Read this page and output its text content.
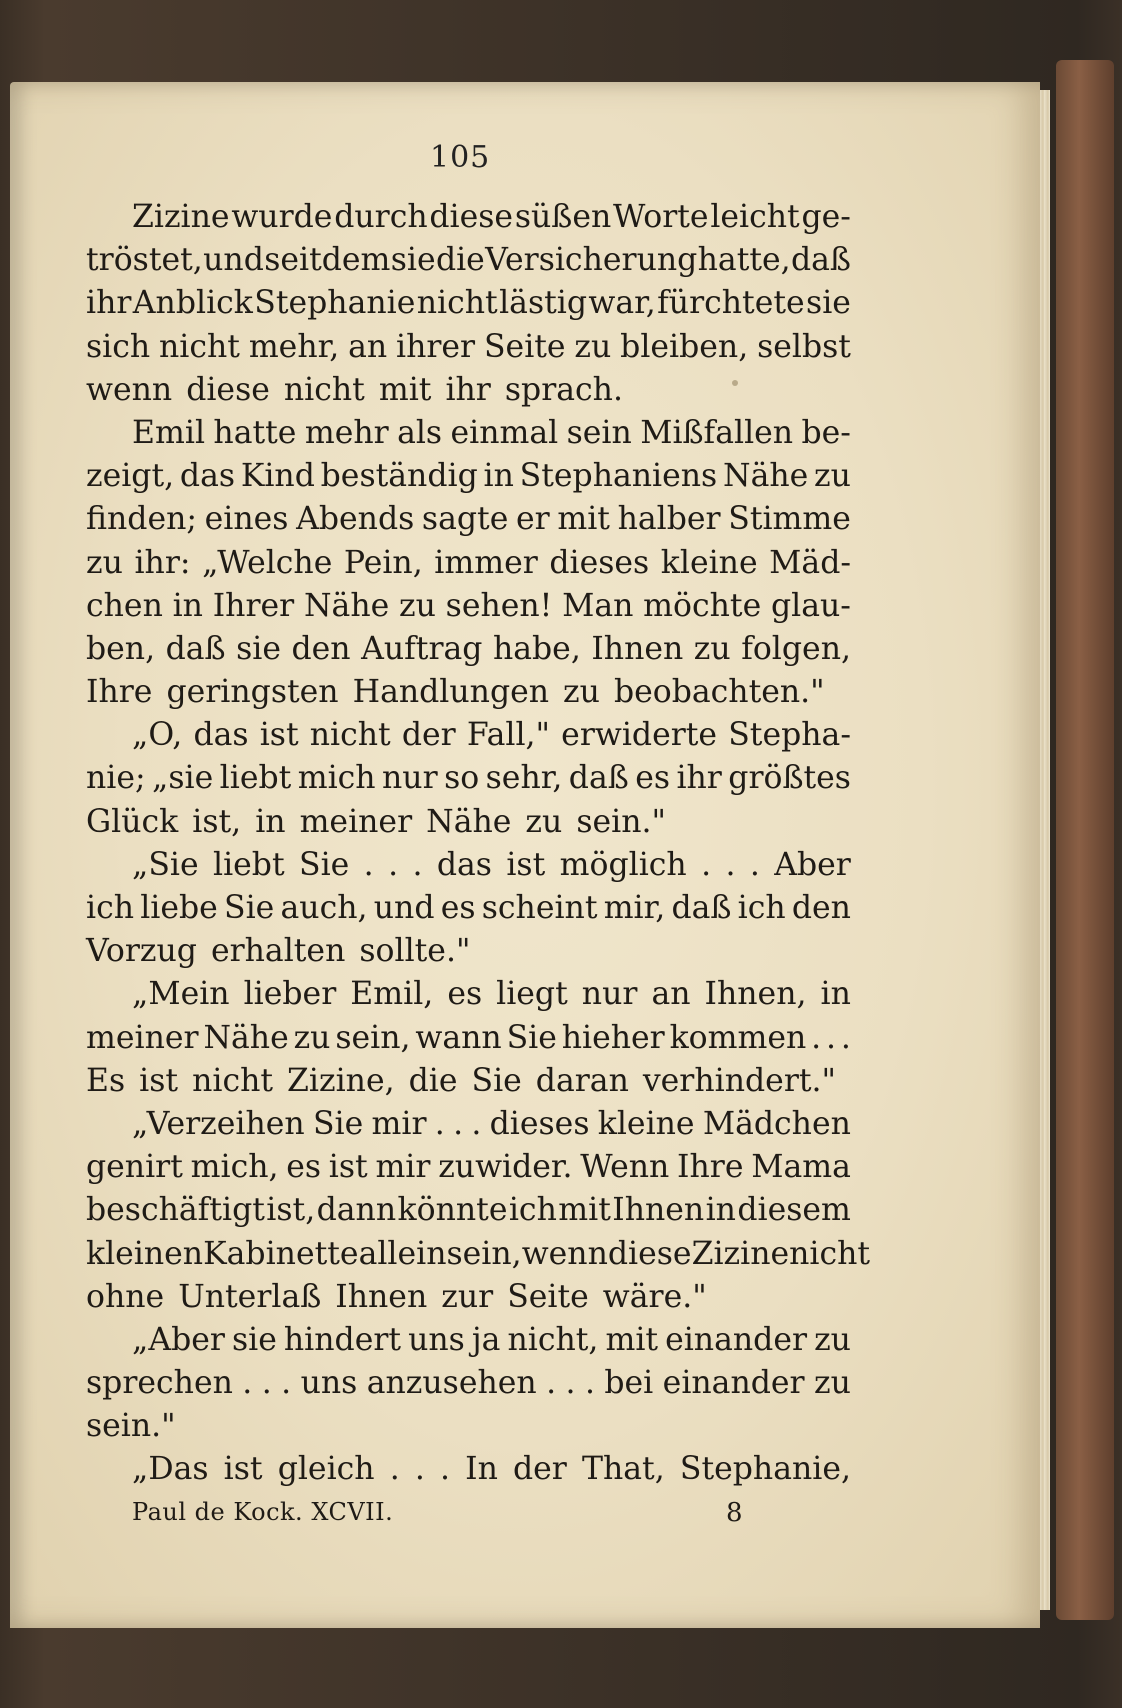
105
Zizine wurde durch diese süßen Worte leicht ge-
tröstet, und seitdem sie die Versicherung hatte, daß
ihr Anblick Stephanie nicht lästig war, fürchtete sie
sich nicht mehr, an ihrer Seite zu bleiben, selbst
wenn diese nicht mit ihr sprach.
Emil hatte mehr als einmal sein Mißfallen be-
zeigt, das Kind beständig in Stephaniens Nähe zu
finden; eines Abends sagte er mit halber Stimme
zu ihr: „Welche Pein, immer dieses kleine Mäd-
chen in Ihrer Nähe zu sehen! Man möchte glau-
ben, daß sie den Auftrag habe, Ihnen zu folgen,
Ihre geringsten Handlungen zu beobachten."
„O, das ist nicht der Fall," erwiderte Stepha-
nie; „sie liebt mich nur so sehr, daß es ihr größtes
Glück ist, in meiner Nähe zu sein."
„Sie liebt Sie . . . das ist möglich . . . Aber
ich liebe Sie auch, und es scheint mir, daß ich den
Vorzug erhalten sollte."
„Mein lieber Emil, es liegt nur an Ihnen, in
meiner Nähe zu sein, wann Sie hieher kommen . . .
Es ist nicht Zizine, die Sie daran verhindert."
„Verzeihen Sie mir . . . dieses kleine Mädchen
genirt mich, es ist mir zuwider. Wenn Ihre Mama
beschäftigt ist, dann könnte ich mit Ihnen in diesem
kleinen Kabinette allein sein, wenn diese Zizine nicht
ohne Unterlaß Ihnen zur Seite wäre."
„Aber sie hindert uns ja nicht, mit einander zu
sprechen . . . uns anzusehen . . . bei einander zu
sein."
„Das ist gleich . . . In der That, Stephanie,
Paul de Kock. XCVII.	8
